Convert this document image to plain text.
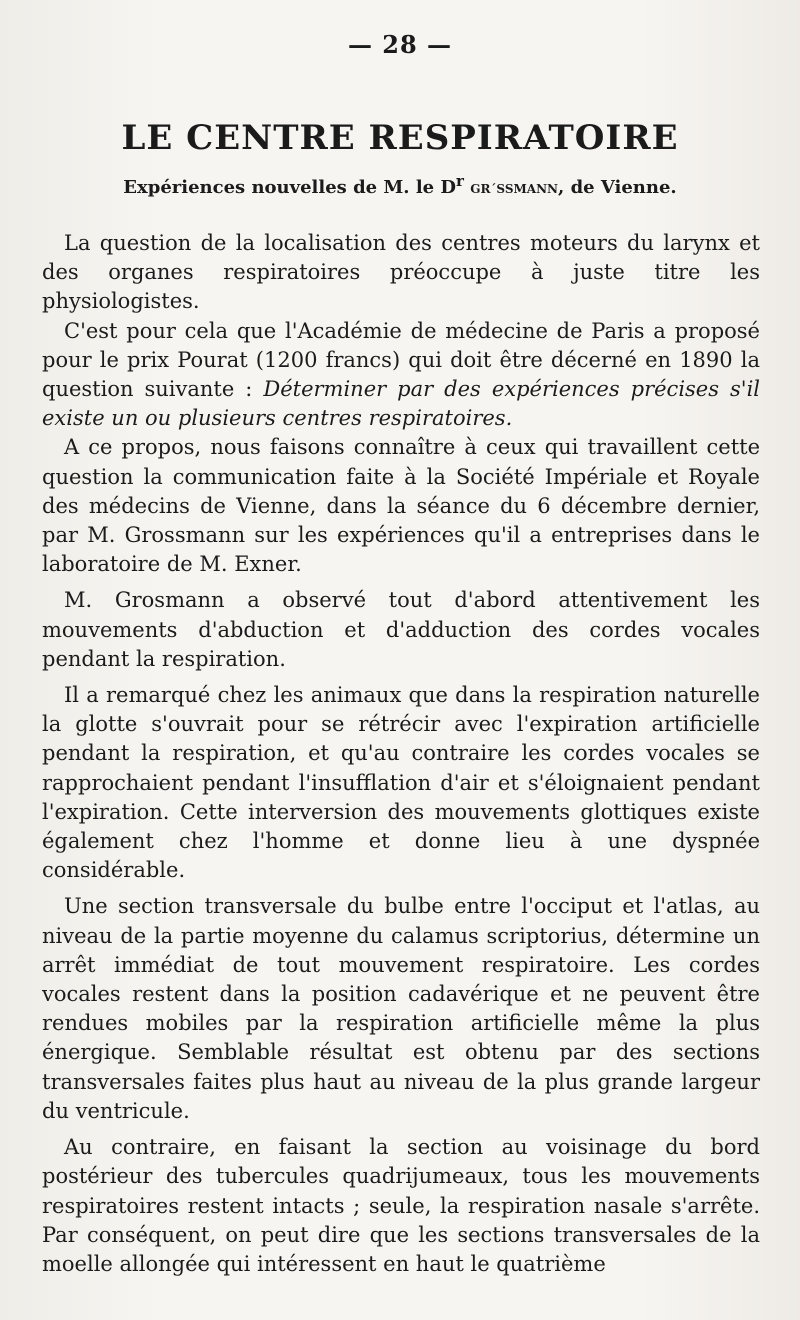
— 28 —
LE CENTRE RESPIRATOIRE
Expériences nouvelles de M. le $D^r$ GR´SSMANN, de Vienne.

La question de la localisation des centres moteurs du larynx et des organes respiratoires préoccupe à juste titre les physiologistes.

C'est pour cela que l'Académie de médecine de Paris a proposé pour le prix Pourat (1200 francs) qui doit être décerné en 1890 la question suivante : Déterminer par des expériences précises s'il existe un ou plusieurs centres respiratoires.

A ce propos, nous faisons connaître à ceux qui travaillent cette question la communication faite à la Société Impériale et Royale des médecins de Vienne, dans la séance du 6 décembre dernier, par M. Grossmann sur les expériences qu'il a entreprises dans le laboratoire de M. Exner.

M. Grosmann a observé tout d'abord attentivement les mouvements d'abduction et d'adduction des cordes vocales pendant la respiration.

Il a remarqué chez les animaux que dans la respiration naturelle la glotte s'ouvrait pour se rétrécir avec l'expiration artificielle pendant la respiration, et qu'au contraire les cordes vocales se rapprochaient pendant l'insufflation d'air et s'éloignaient pendant l'expiration. Cette interversion des mouvements glottiques existe également chez l'homme et donne lieu à une dyspnée considérable.

Une section transversale du bulbe entre l'occiput et l'atlas, au niveau de la partie moyenne du calamus scriptorius, détermine un arrêt immédiat de tout mouvement respiratoire. Les cordes vocales restent dans la position cadavérique et ne peuvent être rendues mobiles par la respiration artificielle même la plus énergique. Semblable résultat est obtenu par des sections transversales faites plus haut au niveau de la plus grande largeur du ventricule.

Au contraire, en faisant la section au voisinage du bord postérieur des tubercules quadrijumeaux, tous les mouvements respiratoires restent intacts ; seule, la respiration nasale s'arrête. Par conséquent, on peut dire que les sections transversales de la moelle allongée qui intéressent en haut le quatrième
